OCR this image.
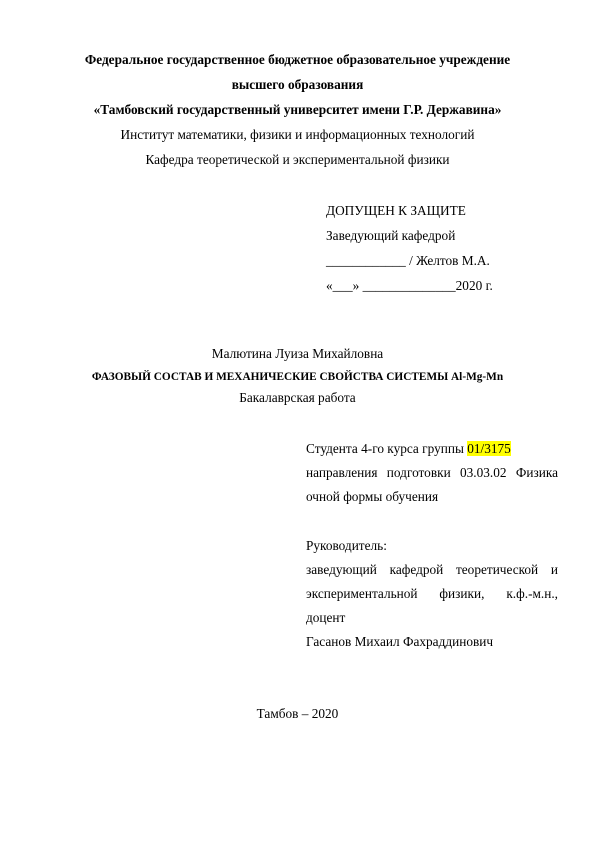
Федеральное государственное бюджетное образовательное учреждение
высшего образования
«Тамбовский государственный университет имени Г.Р. Державина»
Институт математики, физики и информационных технологий
Кафедра теоретической и экспериментальной физики
ДОПУЩЕН К ЗАЩИТЕ
Заведующий кафедрой
____________ / Желтов М.А.
«___» ______________2020 г.
Малютина Луиза Михайловна
ФАЗОВЫЙ СОСТАВ И МЕХАНИЧЕСКИЕ СВОЙСТВА СИСТЕМЫ Al-Mg-Mn
Бакалаврская работа
Студента 4-го курса группы 01/3175
направления подготовки 03.03.02 Физика
очной формы обучения
Руководитель:
заведующий кафедрой теоретической и
экспериментальной физики, к.ф.-м.н.,
доцент
Гасанов Михаил Фахраддинович
Тамбов – 2020
